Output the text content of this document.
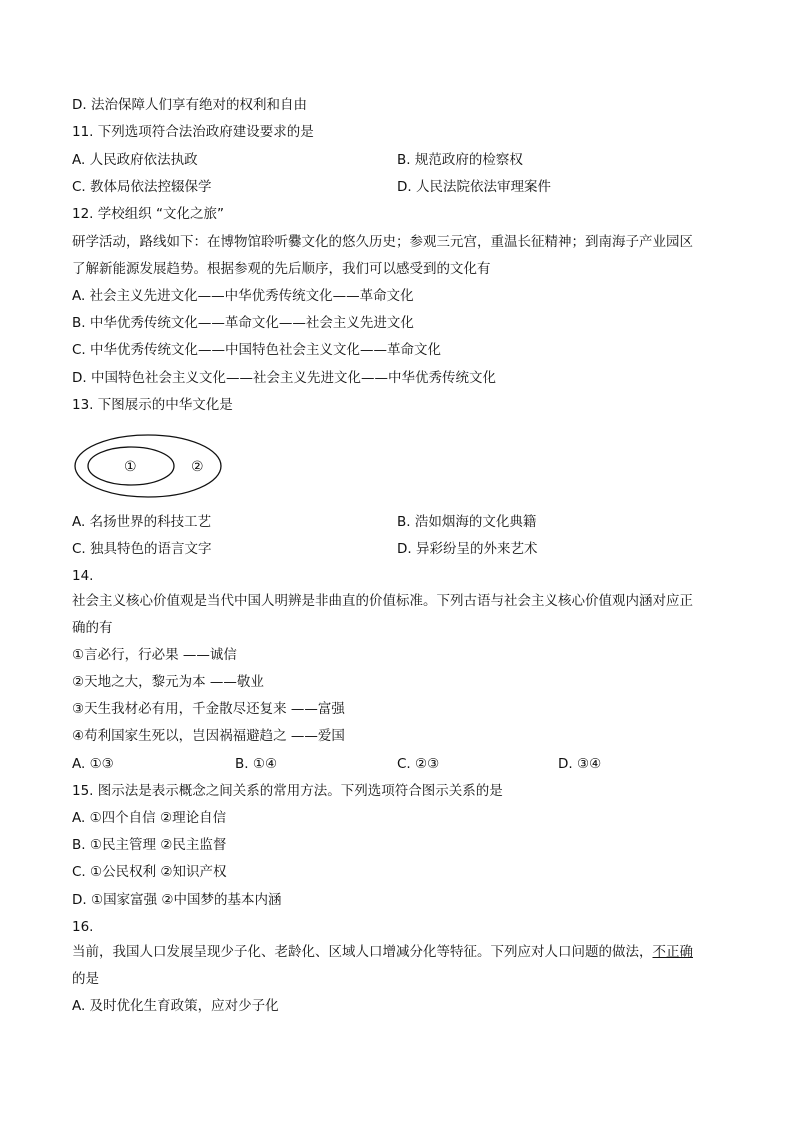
D. 法治保障人们享有绝对的权利和自由
11. 下列选项符合法治政府建设要求的是
A. 人民政府依法执政	B. 规范政府的检察权
C. 教体局依法控辍保学	D. 人民法院依法审理案件
12. 学校组织 “文化之旅”
研学活动，路线如下：在博物馆聆听爨文化的悠久历史；参观三元宫，重温长征精神；到南海子产业园区
了解新能源发展趋势。根据参观的先后顺序，我们可以感受到的文化有
A. 社会主义先进文化——中华优秀传统文化——革命文化
B. 中华优秀传统文化——革命文化——社会主义先进文化
C. 中华优秀传统文化——中国特色社会主义文化——革命文化
D. 中国特色社会主义文化——社会主义先进文化——中华优秀传统文化
13. 下图展示的中华文化是
①	②
A. 名扬世界的科技工艺	B. 浩如烟海的文化典籍
C. 独具特色的语言文字	D. 异彩纷呈的外来艺术
14.
社会主义核心价值观是当代中国人明辨是非曲直的价值标准。下列古语与社会主义核心价值观内涵对应正
确的有
①言必行，行必果 ——诚信
②天地之大，黎元为本 ——敬业
③天生我材必有用，千金散尽还复来 ——富强
④苟利国家生死以，岂因祸福避趋之 ——爱国
A. ①③	B. ①④	C. ②③	D. ③④
15. 图示法是表示概念之间关系的常用方法。下列选项符合图示关系的是
A. ①四个自信 ②理论自信
B. ①民主管理 ②民主监督
C. ①公民权利 ②知识产权
D. ①国家富强 ②中国梦的基本内涵
16.
当前，我国人口发展呈现少子化、老龄化、区域人口增减分化等特征。下列应对人口问题的做法，不正确
的是
A. 及时优化生育政策，应对少子化
